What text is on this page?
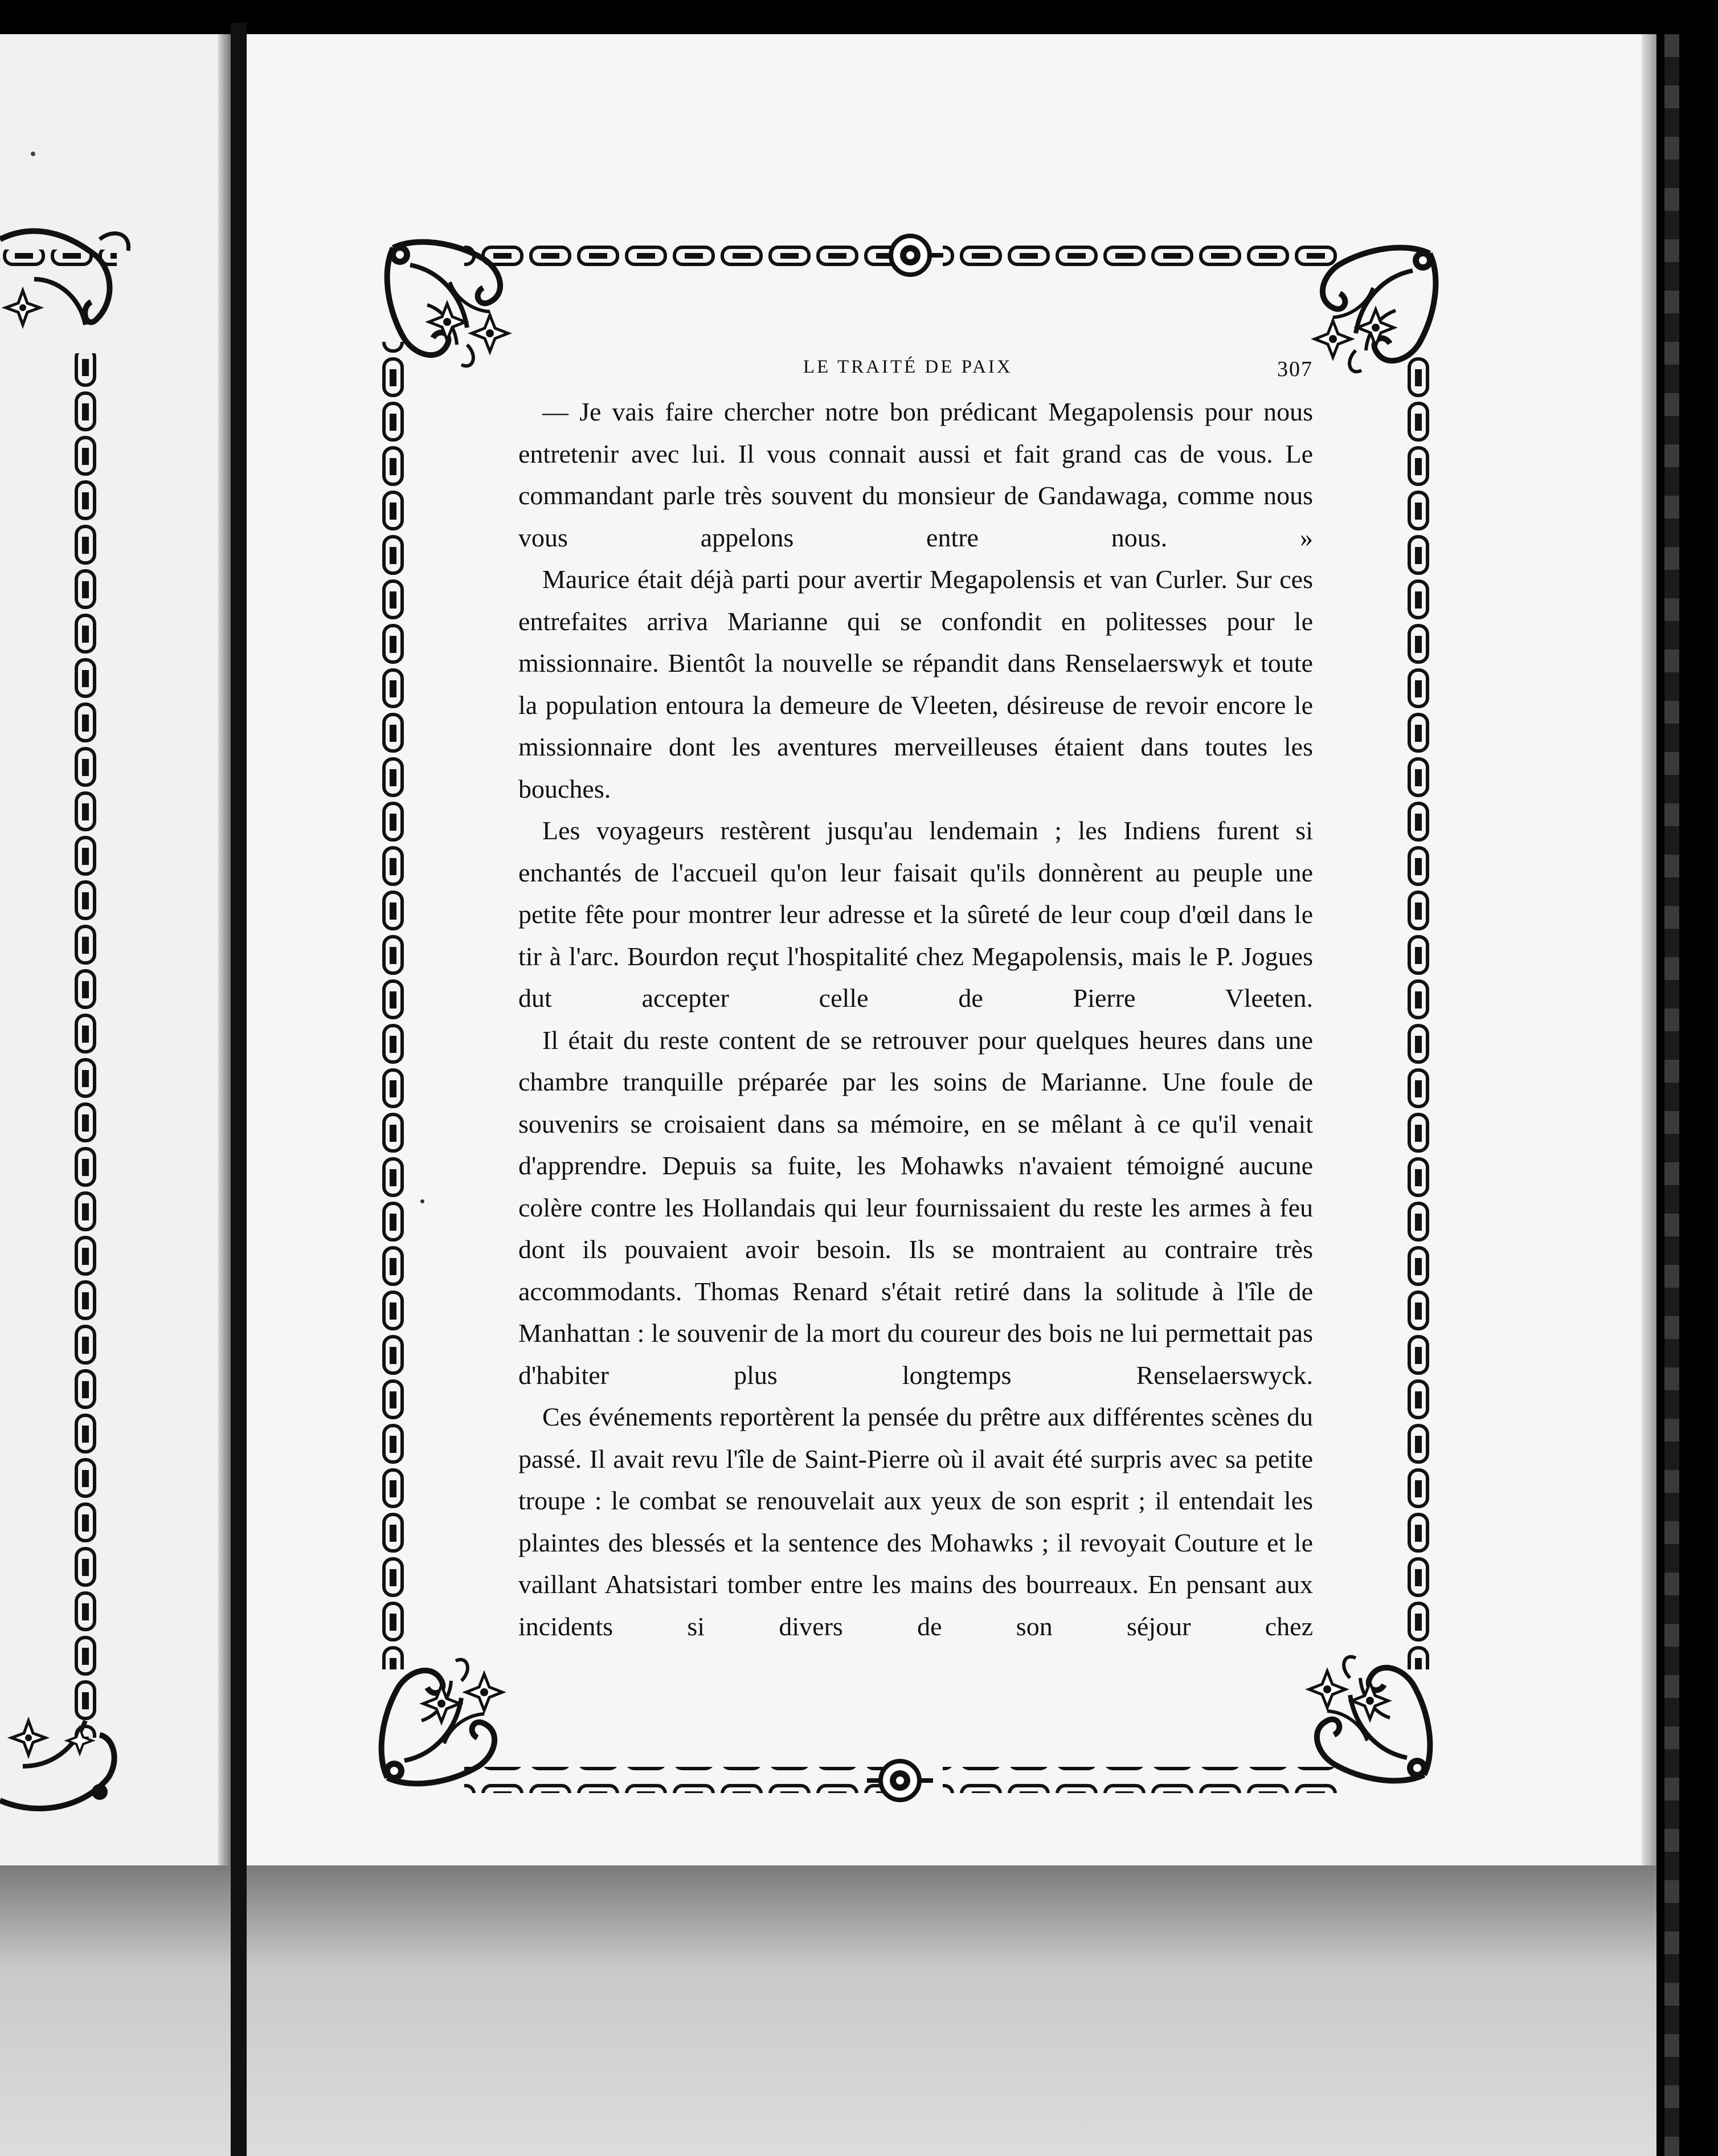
LE TRAITÉ DE PAIX	307

— Je vais faire chercher notre bon prédicant Megapolensis pour nous entretenir avec lui. Il vous connait aussi et fait grand cas de vous. Le commandant parle très souvent du monsieur de Gandawaga, comme nous vous appelons entre nous. »

Maurice était déjà parti pour avertir Megapolensis et van Curler. Sur ces entrefaites arriva Marianne qui se confondit en politesses pour le missionnaire. Bientôt la nouvelle se répandit dans Renselaerswyk et toute la population entoura la demeure de Vleeten, désireuse de revoir encore le missionnaire dont les aventures merveilleuses étaient dans toutes les bouches.

Les voyageurs restèrent jusqu'au lendemain ; les Indiens furent si enchantés de l'accueil qu'on leur faisait qu'ils donnèrent au peuple une petite fête pour montrer leur adresse et la sûreté de leur coup d'œil dans le tir à l'arc. Bourdon reçut l'hospitalité chez Megapolensis, mais le P. Jogues dut accepter celle de Pierre Vleeten.

Il était du reste content de se retrouver pour quelques heures dans une chambre tranquille préparée par les soins de Marianne. Une foule de souvenirs se croisaient dans sa mémoire, en se mêlant à ce qu'il venait d'apprendre. Depuis sa fuite, les Mohawks n'avaient témoigné aucune colère contre les Hollandais qui leur fournissaient du reste les armes à feu dont ils pouvaient avoir besoin. Ils se montraient au contraire très accommodants. Thomas Renard s'était retiré dans la solitude à l'île de Manhattan : le souvenir de la mort du coureur des bois ne lui permettait pas d'habiter plus longtemps Renselaerswyck.

Ces événements reportèrent la pensée du prêtre aux différentes scènes du passé. Il avait revu l'île de Saint-Pierre où il avait été surpris avec sa petite troupe : le combat se renouvelait aux yeux de son esprit ; il entendait les plaintes des blessés et la sentence des Mohawks ; il revoyait Couture et le vaillant Ahatsistari tomber entre les mains des bourreaux. En pensant aux incidents si divers de son séjour chez
